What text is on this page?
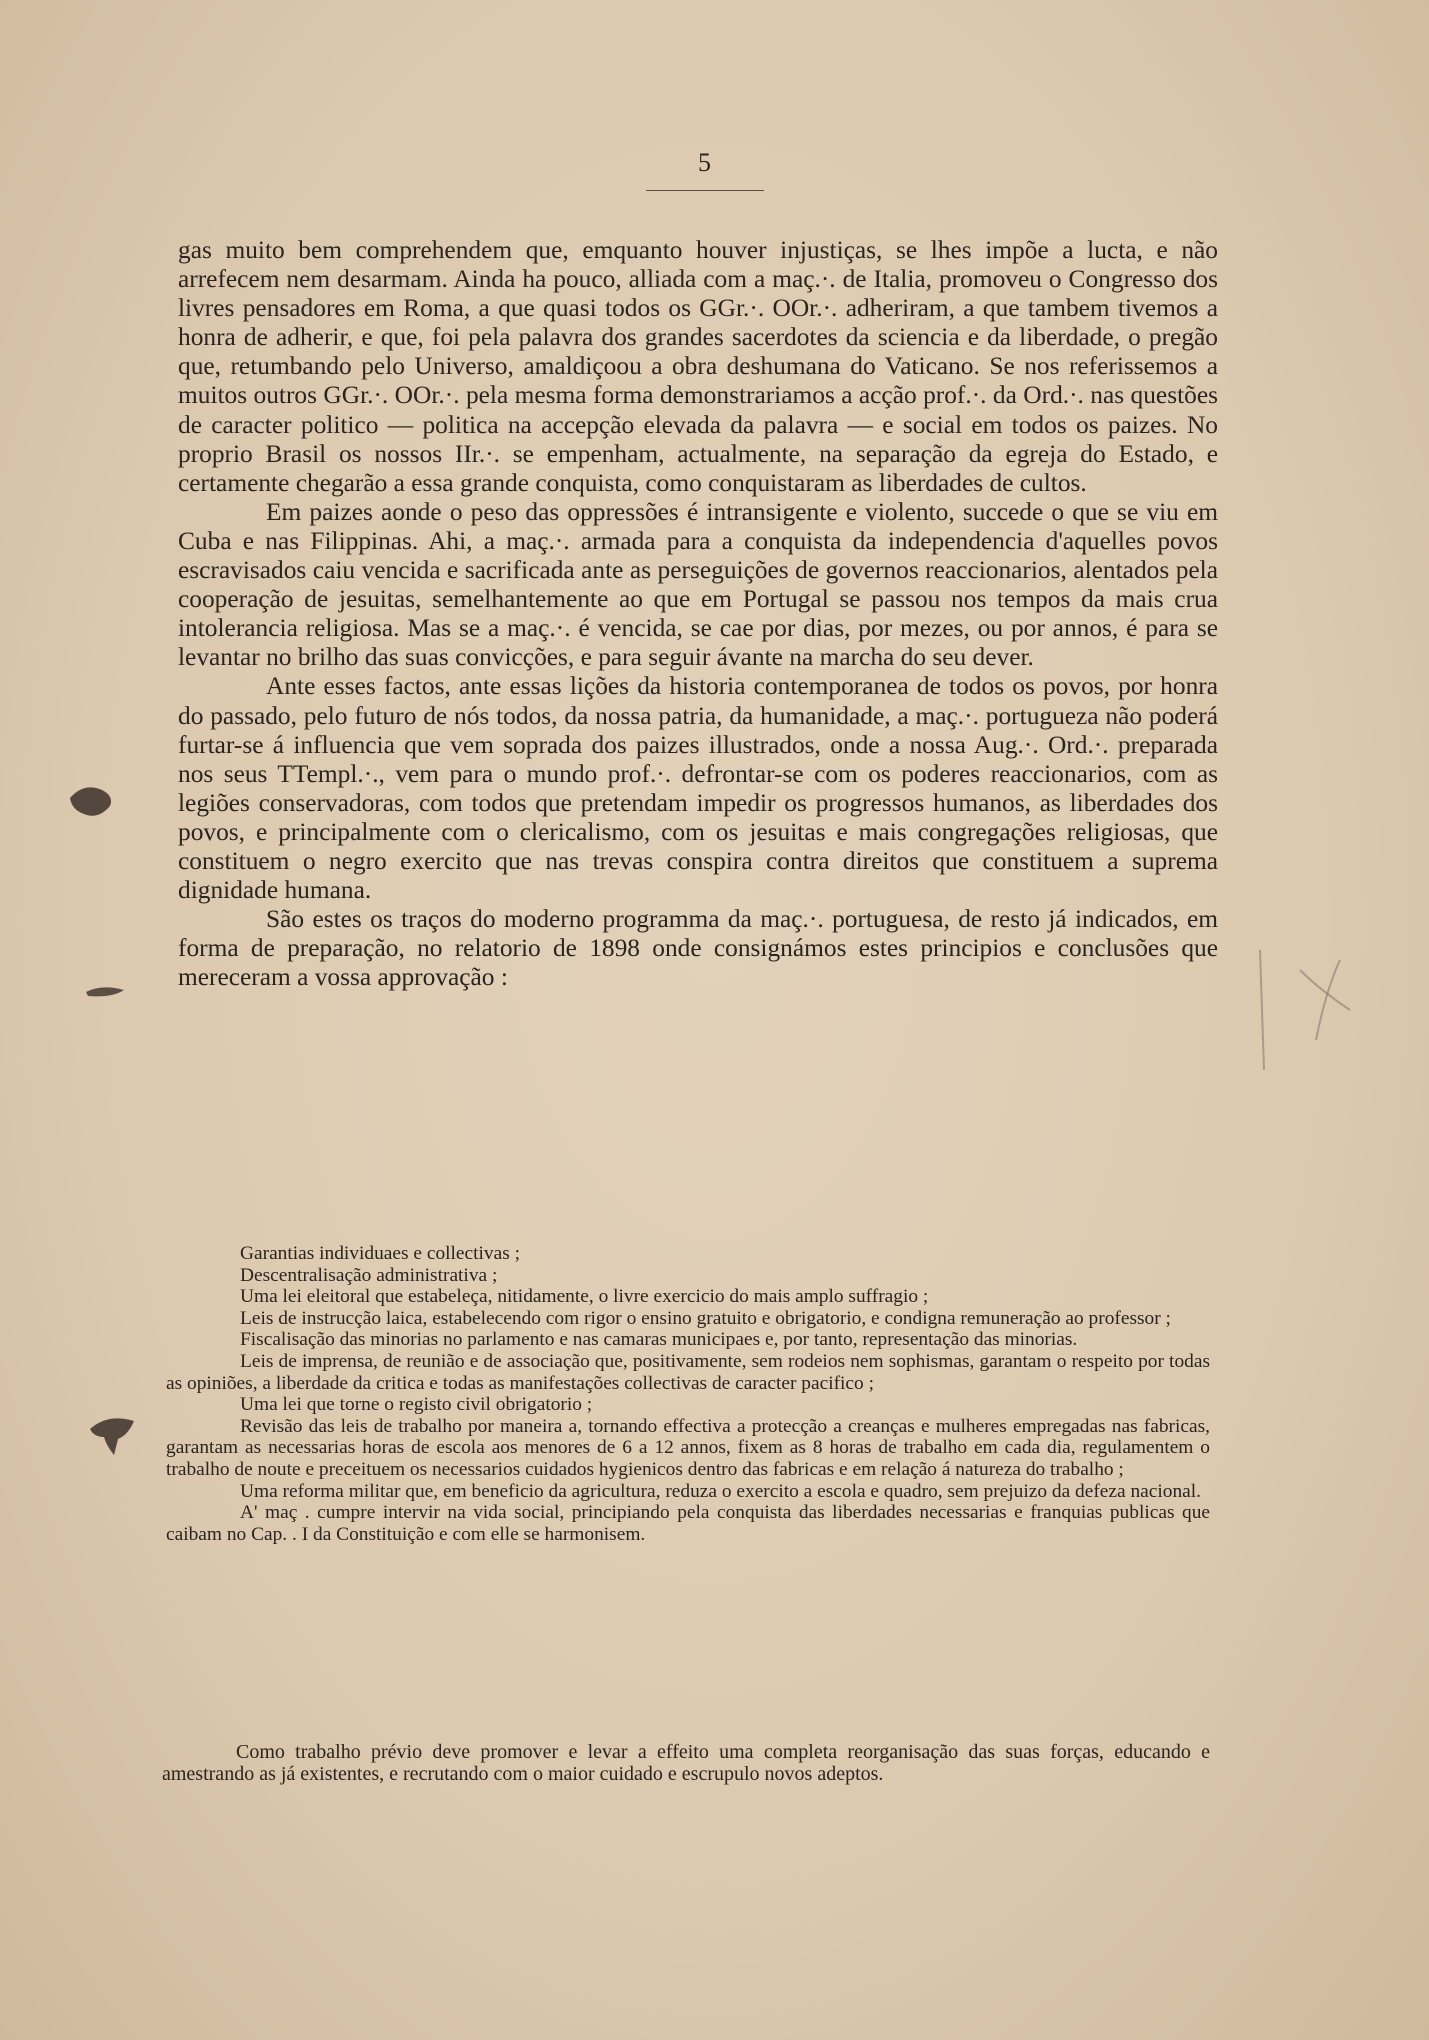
5

gas muito bem comprehendem que, emquanto houver injustiças, se lhes impõe a lucta, e não arrefecem nem desarmam. Ainda ha pouco, alliada com a maç.·. de Italia, promoveu o Congresso dos livres pensadores em Roma, a que quasi todos os GGr.·. OOr.·. adheriram, a que tambem tivemos a honra de adherir, e que, foi pela palavra dos grandes sacerdotes da sciencia e da liberdade, o pregão que, retumbando pelo Universo, amaldiçoou a obra deshumana do Vaticano. Se nos referissemos a muitos outros GGr.·. OOr.·. pela mesma forma demonstrariamos a acção prof.·. da Ord.·. nas questões de caracter politico — politica na accepção elevada da palavra — e social em todos os paizes. No proprio Brasil os nossos IIr.·. se empenham, actualmente, na separação da egreja do Estado, e certamente chegarão a essa grande conquista, como conquistaram as liberdades de cultos.

Em paizes aonde o peso das oppressões é intransigente e violento, succede o que se viu em Cuba e nas Filippinas. Ahi, a maç.·. armada para a conquista da independencia d'aquelles povos escravisados caiu vencida e sacrificada ante as perseguições de governos reaccionarios, alentados pela cooperação de jesuitas, semelhantemente ao que em Portugal se passou nos tempos da mais crua intolerancia religiosa. Mas se a maç.·. é vencida, se cae por dias, por mezes, ou por annos, é para se levantar no brilho das suas convicções, e para seguir ávante na marcha do seu dever.

Ante esses factos, ante essas lições da historia contemporanea de todos os povos, por honra do passado, pelo futuro de nós todos, da nossa patria, da humanidade, a maç.·. portugueza não poderá furtar-se á influencia que vem soprada dos paizes illustrados, onde a nossa Aug.·. Ord.·. preparada nos seus TTempl.·., vem para o mundo prof.·. defrontar-se com os poderes reaccionarios, com as legiões conservadoras, com todos que pretendam impedir os progressos humanos, as liberdades dos povos, e principalmente com o clericalismo, com os jesuitas e mais congregações religiosas, que constituem o negro exercito que nas trevas conspira contra direitos que constituem a suprema dignidade humana.

São estes os traços do moderno programma da maç.·. portuguesa, de resto já indicados, em forma de preparação, no relatorio de 1898 onde consignámos estes principios e conclusões que mereceram a vossa approvação :

Garantias individuaes e collectivas ;

Descentralisação administrativa ;

Uma lei eleitoral que estabeleça, nitidamente, o livre exercicio do mais amplo suffragio ;

Leis de instrucção laica, estabelecendo com rigor o ensino gratuito e obrigatorio, e condigna remuneração ao professor ;

Fiscalisação das minorias no parlamento e nas camaras municipaes e, por tanto, representação das minorias.

Leis de imprensa, de reunião e de associação que, positivamente, sem rodeios nem sophismas, garantam o respeito por todas as opiniões, a liberdade da critica e todas as manifestações collectivas de caracter pacifico ;

Uma lei que torne o registo civil obrigatorio ;

Revisão das leis de trabalho por maneira a, tornando effectiva a protecção a creanças e mulheres empregadas nas fabricas, garantam as necessarias horas de escola aos menores de 6 a 12 annos, fixem as 8 horas de trabalho em cada dia, regulamentem o trabalho de noute e preceituem os necessarios cuidados hygienicos dentro das fabricas e em relação á natureza do trabalho ;

Uma reforma militar que, em beneficio da agricultura, reduza o exercito a escola e quadro, sem prejuizo da defeza nacional.

A' maç . cumpre intervir na vida social, principiando pela conquista das liberdades necessarias e franquias publicas que caibam no Cap. . I da Constituição e com elle se harmonisem.

Como trabalho prévio deve promover e levar a effeito uma completa reorganisação das suas forças, educando e amestrando as já existentes, e recrutando com o maior cuidado e escrupulo novos adeptos.
